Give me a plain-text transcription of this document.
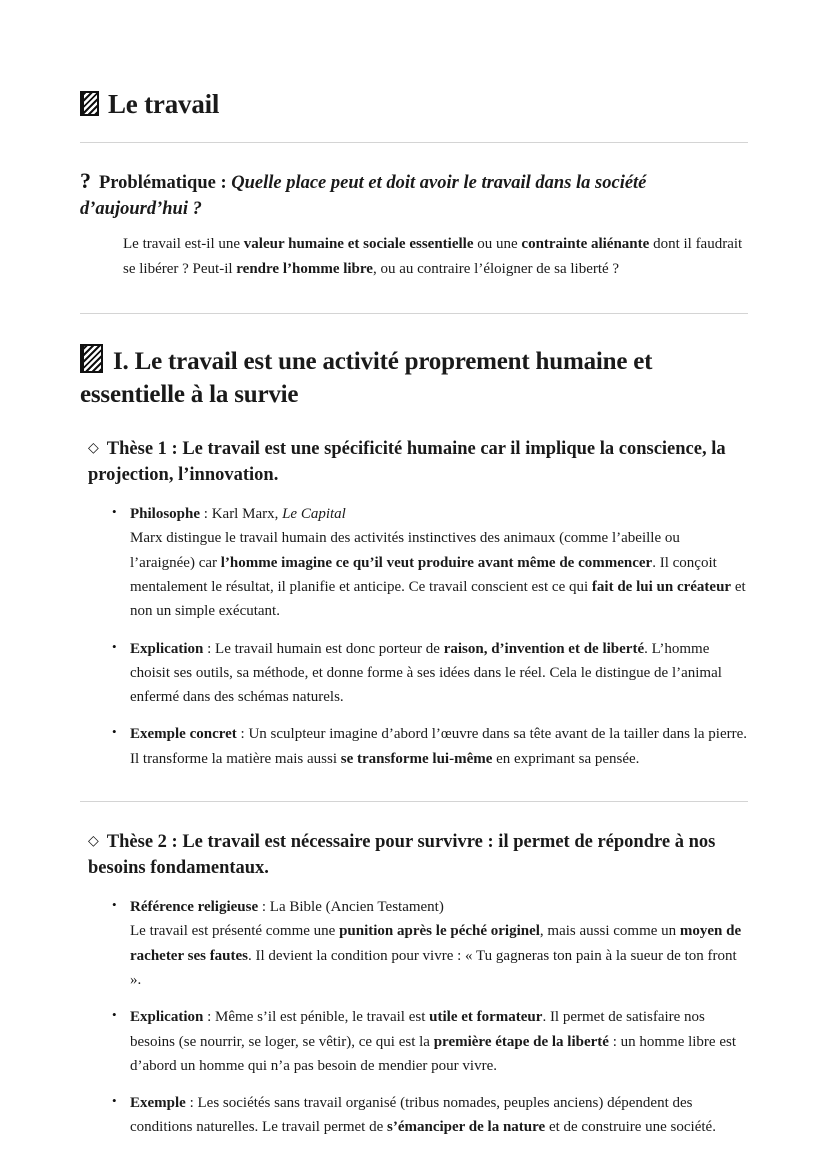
Le travail
? Problématique : Quelle place peut et doit avoir le travail dans la société d’aujourd’hui ?
Le travail est-il une valeur humaine et sociale essentielle ou une contrainte aliénante dont il faudrait se libérer ? Peut-il rendre l’homme libre, ou au contraire l’éloigner de sa liberté ?
I. Le travail est une activité proprement humaine et essentielle à la survie
◇ Thèse 1 : Le travail est une spécificité humaine car il implique la conscience, la projection, l’innovation.
• Philosophe : Karl Marx, Le Capital
Marx distingue le travail humain des activités instinctives des animaux (comme l’abeille ou l’araignée) car l’homme imagine ce qu’il veut produire avant même de commencer. Il conçoit mentalement le résultat, il planifie et anticipe. Ce travail conscient est ce qui fait de lui un créateur et non un simple exécutant.
• Explication : Le travail humain est donc porteur de raison, d’invention et de liberté. L’homme choisit ses outils, sa méthode, et donne forme à ses idées dans le réel. Cela le distingue de l’animal enfermé dans des schémas naturels.
• Exemple concret : Un sculpteur imagine d’abord l’œuvre dans sa tête avant de la tailler dans la pierre. Il transforme la matière mais aussi se transforme lui-même en exprimant sa pensée.
◇ Thèse 2 : Le travail est nécessaire pour survivre : il permet de répondre à nos besoins fondamentaux.
• Référence religieuse : La Bible (Ancien Testament)
Le travail est présenté comme une punition après le péché originel, mais aussi comme un moyen de racheter ses fautes. Il devient la condition pour vivre : « Tu gagneras ton pain à la sueur de ton front ».
• Explication : Même s’il est pénible, le travail est utile et formateur. Il permet de satisfaire nos besoins (se nourrir, se loger, se vêtir), ce qui est la première étape de la liberté : un homme libre est d’abord un homme qui n’a pas besoin de mendier pour vivre.
• Exemple : Les sociétés sans travail organisé (tribus nomades, peuples anciens) dépendent des conditions naturelles. Le travail permet de s’émanciper de la nature et de construire une société.
